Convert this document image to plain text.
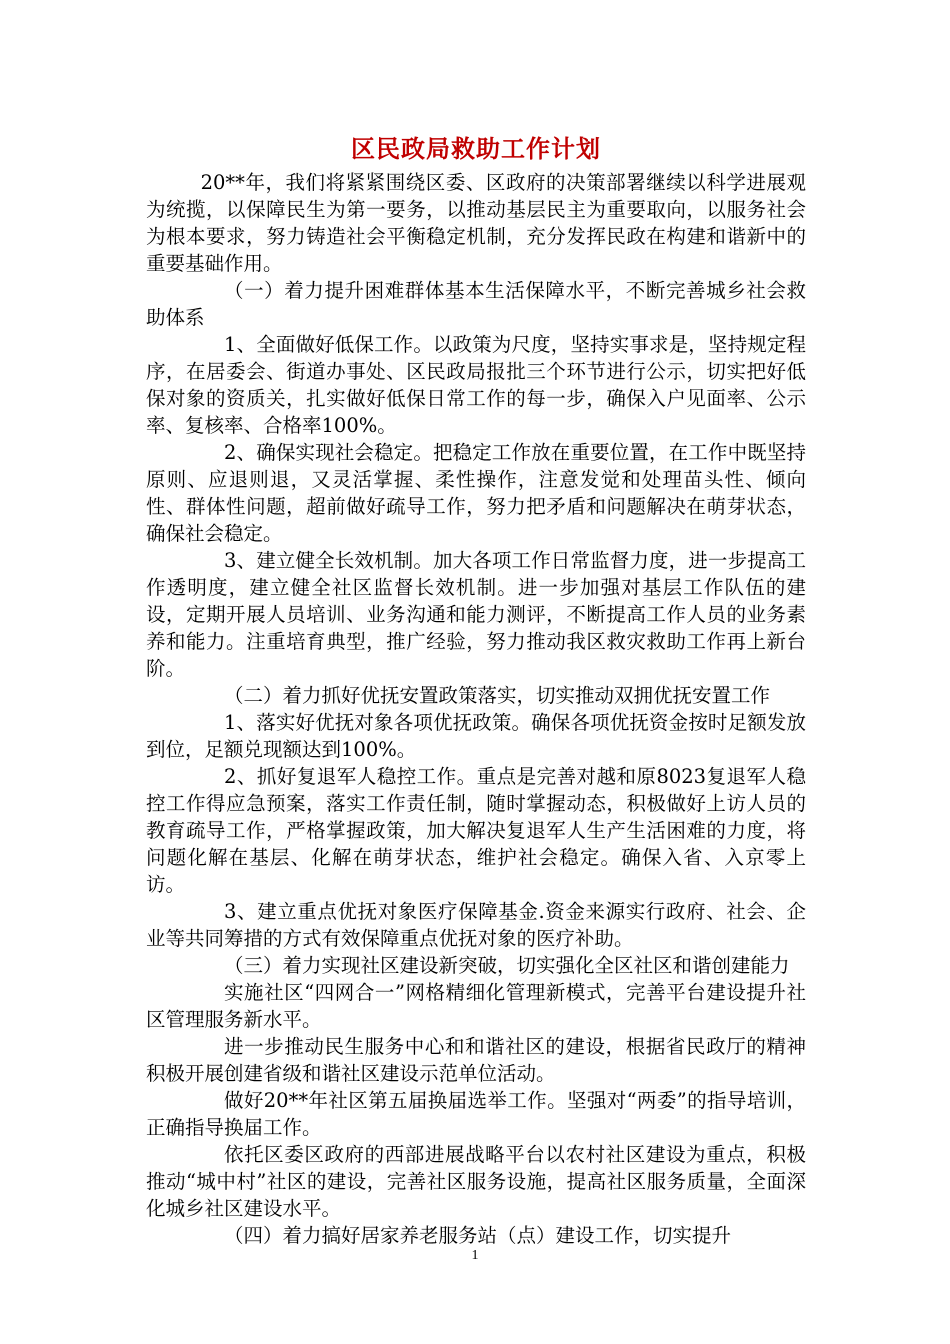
区民政局救助工作计划

20**年，我们将紧紧围绕区委、区政府的决策部署继续以科学进展观为统揽，以保障民生为第一要务，以推动基层民主为重要取向，以服务社会为根本要求，努力铸造社会平衡稳定机制，充分发挥民政在构建和谐新中的重要基础作用。

（一）着力提升困难群体基本生活保障水平，不断完善城乡社会救助体系

1、全面做好低保工作。以政策为尺度，坚持实事求是，坚持规定程序，在居委会、街道办事处、区民政局报批三个环节进行公示，切实把好低保对象的资质关，扎实做好低保日常工作的每一步，确保入户见面率、公示率、复核率、合格率100%。

2、确保实现社会稳定。把稳定工作放在重要位置，在工作中既坚持原则、应退则退，又灵活掌握、柔性操作，注意发觉和处理苗头性、倾向性、群体性问题，超前做好疏导工作，努力把矛盾和问题解决在萌芽状态，确保社会稳定。

3、建立健全长效机制。加大各项工作日常监督力度，进一步提高工作透明度，建立健全社区监督长效机制。进一步加强对基层工作队伍的建设，定期开展人员培训、业务沟通和能力测评，不断提高工作人员的业务素养和能力。注重培育典型，推广经验，努力推动我区救灾救助工作再上新台阶。

（二）着力抓好优抚安置政策落实，切实推动双拥优抚安置工作

1、落实好优抚对象各项优抚政策。确保各项优抚资金按时足额发放到位，足额兑现额达到100%。

2、抓好复退军人稳控工作。重点是完善对越和原8023复退军人稳控工作得应急预案，落实工作责任制，随时掌握动态，积极做好上访人员的教育疏导工作，严格掌握政策，加大解决复退军人生产生活困难的力度，将问题化解在基层、化解在萌芽状态，维护社会稳定。确保入省、入京零上访。

3、建立重点优抚对象医疗保障基金.资金来源实行政府、社会、企业等共同筹措的方式有效保障重点优抚对象的医疗补助。

（三）着力实现社区建设新突破，切实强化全区社区和谐创建能力

实施社区“四网合一”网格精细化管理新模式，完善平台建设提升社区管理服务新水平。

进一步推动民生服务中心和和谐社区的建设，根据省民政厅的精神积极开展创建省级和谐社区建设示范单位活动。

做好20**年社区第五届换届选举工作。坚强对“两委”的指导培训，正确指导换届工作。

依托区委区政府的西部进展战略平台以农村社区建设为重点，积极推动“城中村”社区的建设，完善社区服务设施，提高社区服务质量，全面深化城乡社区建设水平。

（四）着力搞好居家养老服务站（点）建设工作，切实提升

1
